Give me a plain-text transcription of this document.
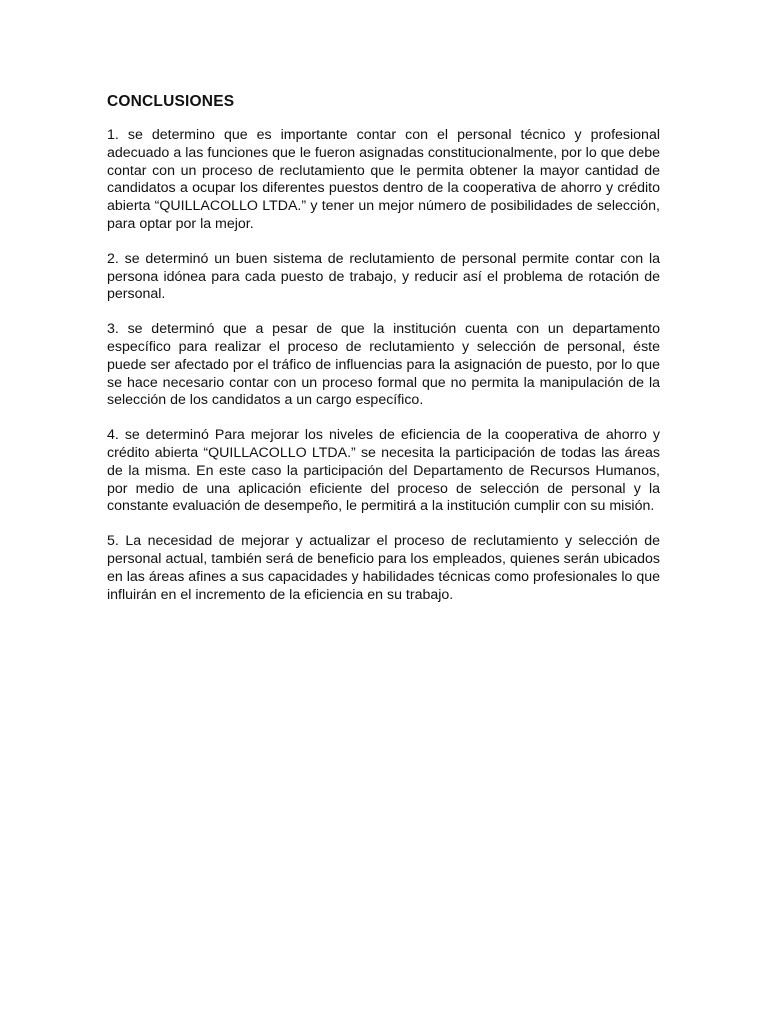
CONCLUSIONES

1. se determino que es importante contar con el personal técnico y profesional adecuado a las funciones que le fueron asignadas constitucionalmente, por lo que debe contar con un proceso de reclutamiento que le permita obtener la mayor cantidad de candidatos a ocupar los diferentes puestos dentro de la cooperativa de ahorro y crédito abierta “QUILLACOLLO LTDA.” y tener un mejor número de posibilidades de selección, para optar por la mejor.

2. se determinó un buen sistema de reclutamiento de personal permite contar con la persona idónea para cada puesto de trabajo, y reducir así el problema de rotación de personal.

3. se determinó que a pesar de que la institución cuenta con un departamento específico para realizar el proceso de reclutamiento y selección de personal, éste puede ser afectado por el tráfico de influencias para la asignación de puesto, por lo que se hace necesario contar con un proceso formal que no permita la manipulación de la selección de los candidatos a un cargo específico.

4. se determinó Para mejorar los niveles de eficiencia de la cooperativa de ahorro y crédito abierta “QUILLACOLLO LTDA.” se necesita la participación de todas las áreas de la misma. En este caso la participación del Departamento de Recursos Humanos, por medio de una aplicación eficiente del proceso de selección de personal y la constante evaluación de desempeño, le permitirá a la institución cumplir con su misión.

5. La necesidad de mejorar y actualizar el proceso de reclutamiento y selección de personal actual, también será de beneficio para los empleados, quienes serán ubicados en las áreas afines a sus capacidades y habilidades técnicas como profesionales lo que influirán en el incremento de la eficiencia en su trabajo.
